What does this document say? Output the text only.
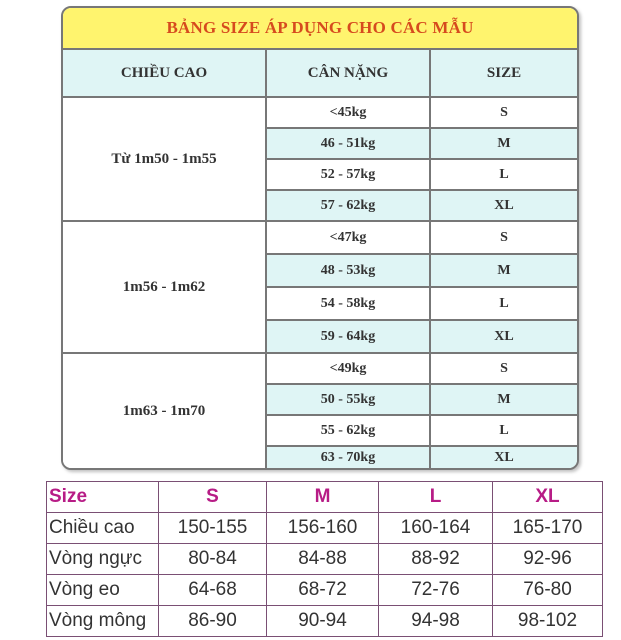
BẢNG SIZE ÁP DỤNG CHO CÁC MẪU
CHIỀU CAO	CÂN NẶNG	SIZE
Từ 1m50 - 1m55
<45kg	S
46 - 51kg	M
52 - 57kg	L
57 - 62kg	XL
1m56 - 1m62
<47kg	S
48 - 53kg	M
54 - 58kg	L
59 - 64kg	XL
1m63 - 1m70
<49kg	S
50 - 55kg	M
55 - 62kg	L
63 - 70kg	XL
Size	S	M	L	XL
Chiều cao	150-155	156-160	160-164	165-170
Vòng ngực	80-84	84-88	88-92	92-96
Vòng eo	64-68	68-72	72-76	76-80
Vòng mông	86-90	90-94	94-98	98-102
